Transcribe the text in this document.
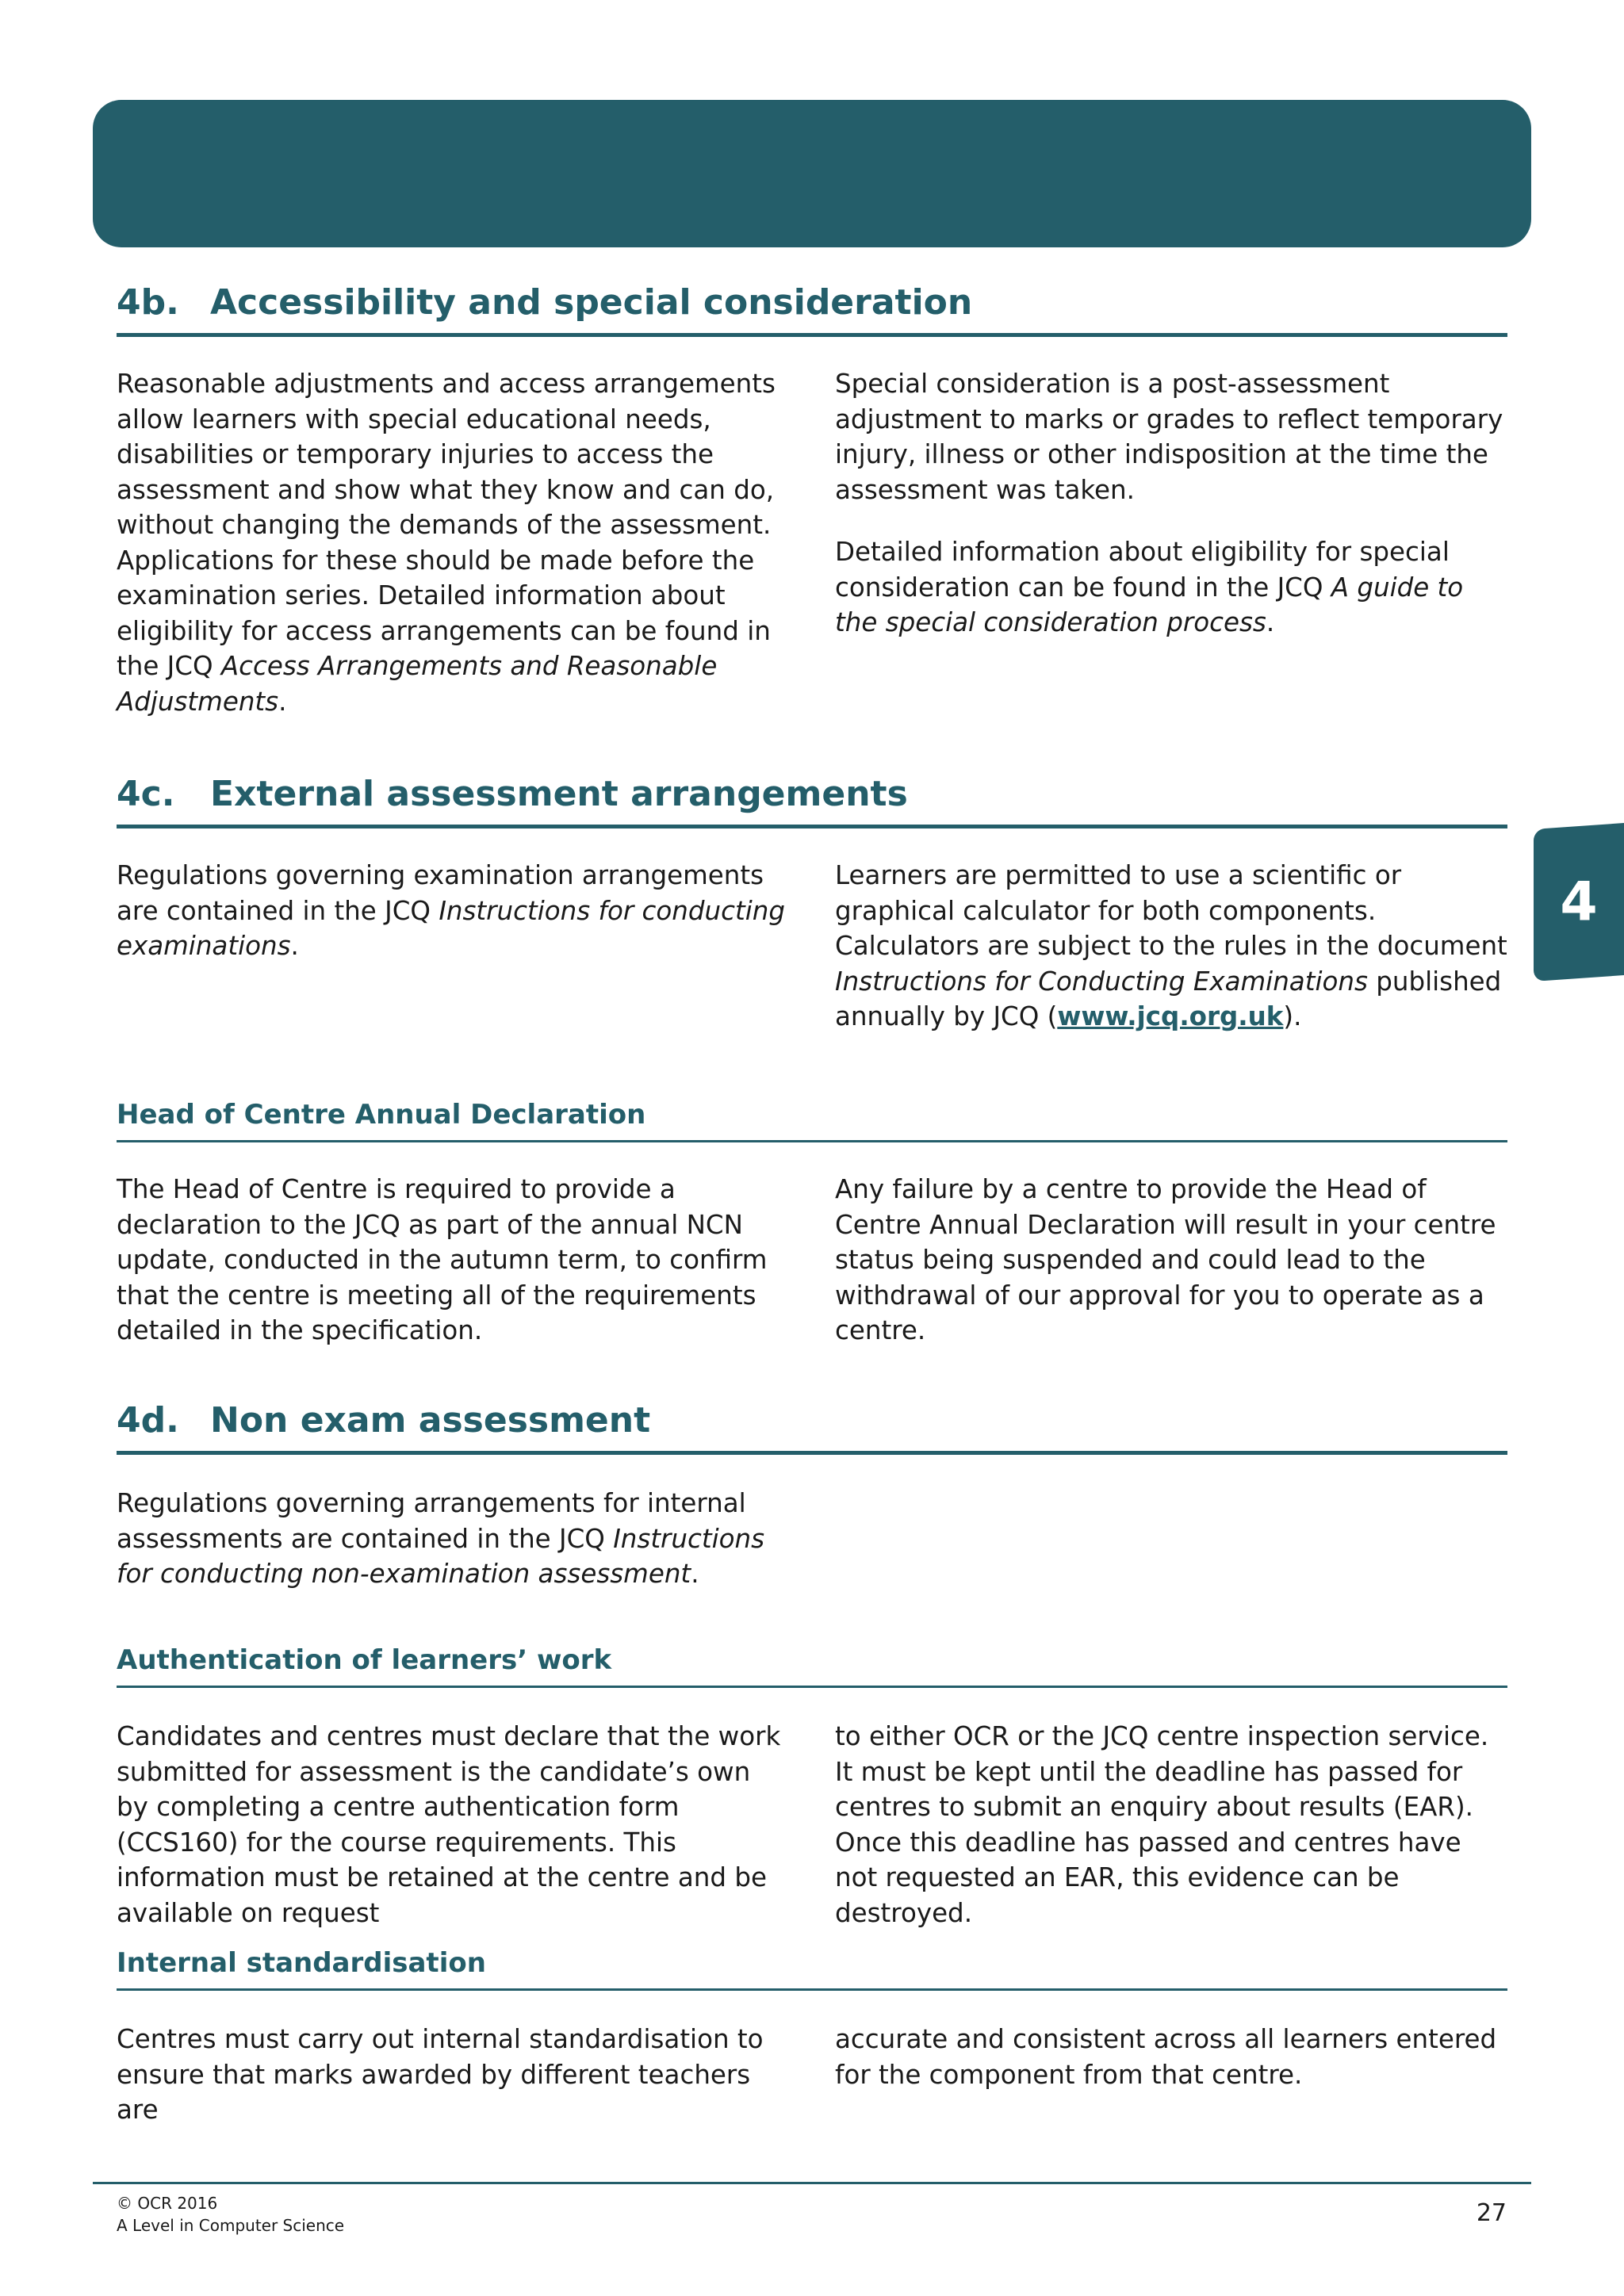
4
4b. Accessibility and special consideration

Reasonable adjustments and access arrangements allow learners with special educational needs, disabilities or temporary injuries to access the assessment and show what they know and can do, without changing the demands of the assessment. Applications for these should be made before the examination series. Detailed information about eligibility for access arrangements can be found in the JCQ Access Arrangements and Reasonable Adjustments.

Special consideration is a post-assessment adjustment to marks or grades to reflect temporary injury, illness or other indisposition at the time the assessment was taken.

Detailed information about eligibility for special consideration can be found in the JCQ A guide to the special consideration process.

4c. External assessment arrangements

Regulations governing examination arrangements are contained in the JCQ Instructions for conducting examinations.

Learners are permitted to use a scientific or graphical calculator for both components. Calculators are subject to the rules in the document Instructions for Conducting Examinations published annually by JCQ (www.jcq.org.uk).

Head of Centre Annual Declaration

The Head of Centre is required to provide a declaration to the JCQ as part of the annual NCN update, conducted in the autumn term, to confirm that the centre is meeting all of the requirements detailed in the specification.

Any failure by a centre to provide the Head of Centre Annual Declaration will result in your centre status being suspended and could lead to the withdrawal of our approval for you to operate as a centre.

4d. Non exam assessment

Regulations governing arrangements for internal assessments are contained in the JCQ Instructions for conducting non-examination assessment.

Authentication of learners’ work

Candidates and centres must declare that the work submitted for assessment is the candidate’s own by completing a centre authentication form (CCS160) for the course requirements. This information must be retained at the centre and be available on request

to either OCR or the JCQ centre inspection service. It must be kept until the deadline has passed for centres to submit an enquiry about results (EAR). Once this deadline has passed and centres have not requested an EAR, this evidence can be destroyed.

Internal standardisation

Centres must carry out internal standardisation to ensure that marks awarded by different teachers are

accurate and consistent across all learners entered for the component from that centre.

© OCR 2016
A Level in Computer Science	27
